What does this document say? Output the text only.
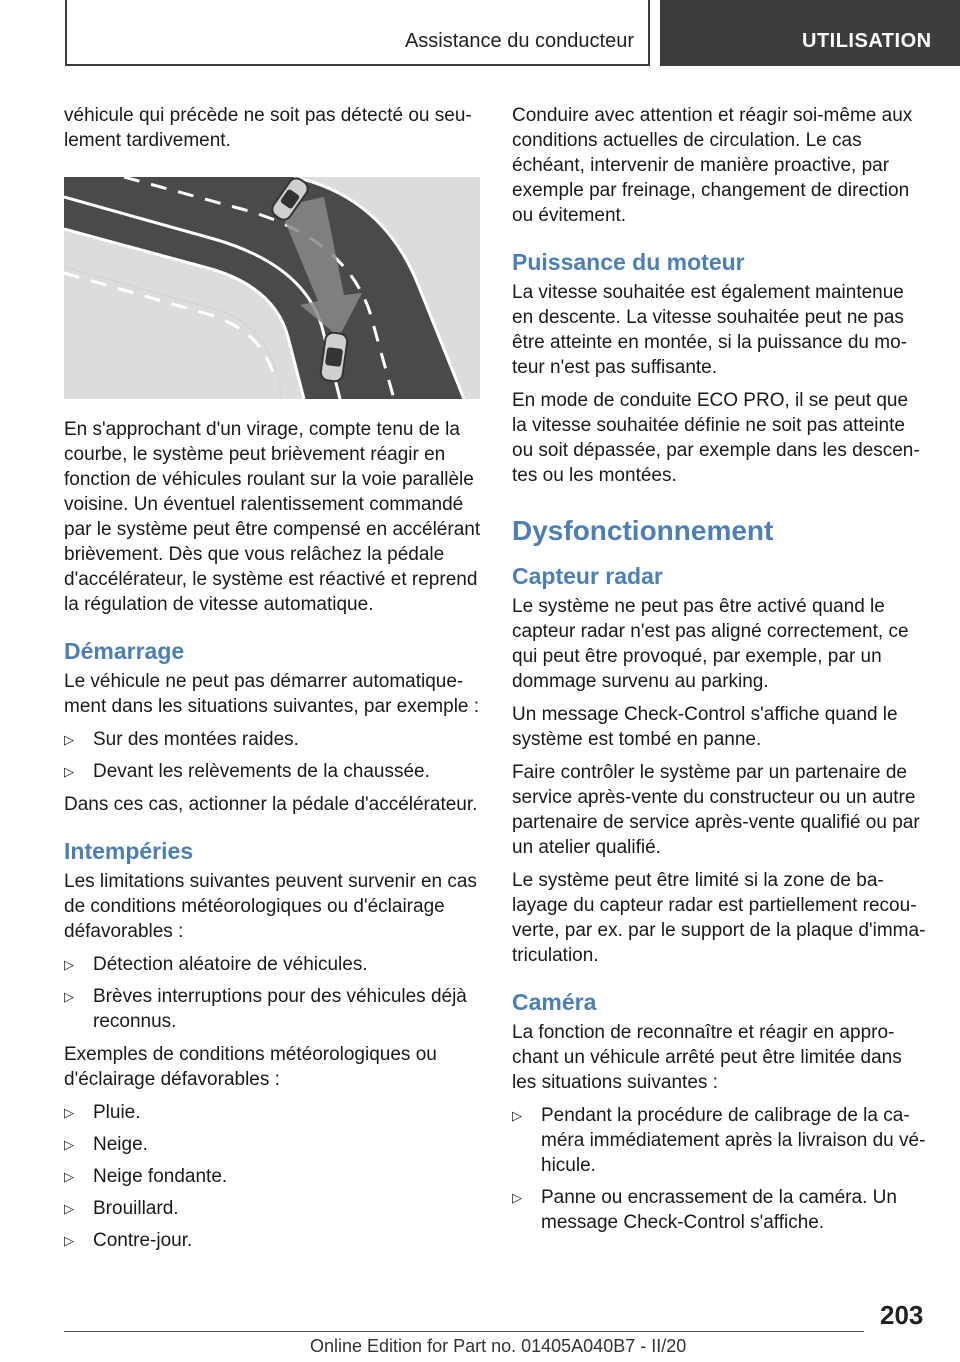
Assistance du conducteur	UTILISATION

véhicule qui précède ne soit pas détecté ou seulement tardivement.

En s'approchant d'un virage, compte tenu de la courbe, le système peut brièvement réagir en fonction de véhicules roulant sur la voie parallèle voisine. Un éventuel ralentissement commandé par le système peut être compensé en accélérant brièvement. Dès que vous relâchez la pédale d'accélérateur, le système est réactivé et reprend la régulation de vitesse automatique.

Démarrage

Le véhicule ne peut pas démarrer automatiquement dans les situations suivantes, par exemple :

▷	Sur des montées raides.
▷	Devant les relèvements de la chaussée.

Dans ces cas, actionner la pédale d'accélérateur.

Intempéries

Les limitations suivantes peuvent survenir en cas de conditions météorologiques ou d'éclairage défavorables :

▷	Détection aléatoire de véhicules.
▷	Brèves interruptions pour des véhicules déjà reconnus.

Exemples de conditions météorologiques ou d'éclairage défavorables :

▷	Pluie.
▷	Neige.
▷	Neige fondante.
▷	Brouillard.
▷	Contre-jour.

Conduire avec attention et réagir soi-même aux conditions actuelles de circulation. Le cas échéant, intervenir de manière proactive, par exemple par freinage, changement de direction ou évitement.

Puissance du moteur

La vitesse souhaitée est également maintenue en descente. La vitesse souhaitée peut ne pas être atteinte en montée, si la puissance du moteur n'est pas suffisante.

En mode de conduite ECO PRO, il se peut que la vitesse souhaitée définie ne soit pas atteinte ou soit dépassée, par exemple dans les descentes ou les montées.

Dysfonctionnement
Capteur radar

Le système ne peut pas être activé quand le capteur radar n'est pas aligné correctement, ce qui peut être provoqué, par exemple, par un dommage survenu au parking.

Un message Check-Control s'affiche quand le système est tombé en panne.

Faire contrôler le système par un partenaire de service après-vente du constructeur ou un autre partenaire de service après-vente qualifié ou par un atelier qualifié.

Le système peut être limité si la zone de balayage du capteur radar est partiellement recouverte, par ex. par le support de la plaque d'immatriculation.

Caméra

La fonction de reconnaître et réagir en approchant un véhicule arrêté peut être limitée dans les situations suivantes :

▷	Pendant la procédure de calibrage de la caméra immédiatement après la livraison du véhicule.
▷	Panne ou encrassement de la caméra. Un message Check-Control s'affiche.
203
Online Edition for Part no. 01405A040B7 - II/20
